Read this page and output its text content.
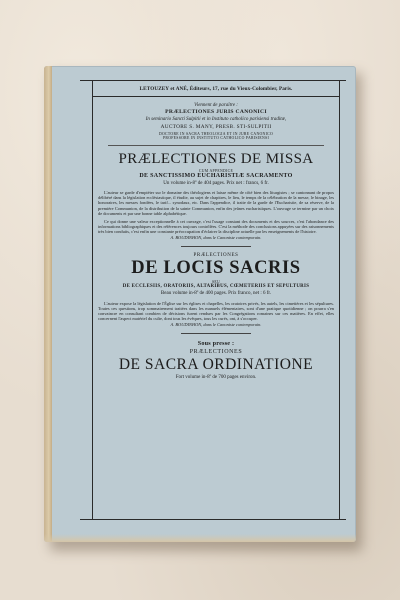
LETOUZEY et ANÉ, Éditeurs, 17, rue du Vieux-Colombier, Paris.
Viennent de paraître :
PRÆLECTIONES JURIS CANONICI
In seminario Sancti Sulpitii et in Instituto catholico parisiensi traditæ,
AUCTORE S. MANY, PRESB. STI-SULPITII
DOCTORE IN SACRA THEOLOGIA ET IN JURE CANONICO
PROFESSORE IN INSTITUTO CATHOLICO PARISIENSI
PRÆLECTIONES DE MISSA
CUM APPENDICE
DE SANCTISSIMO EUCHARISTIÆ SACRAMENTO
Un volume in-8º de 404 pages. Prix net : francs, 6 fr.

L'auteur se garde d'empiéter sur le domaine des théologiens et laisse même de côté bien des liturgistes ; se cantonnant de propos délibéré dans la législation ecclésiastique, il étudie, au sujet de chapitres, le lieu, le temps de la célébration de la messe, le binage, les honoraires, les messes fondées, le tarif... synodaux, etc. Dans l'appendice, il traite de la garde de l'Eucharistie, de sa réserve, de la première Communion, de la distribution de la sainte Communion, enfin des jeûnes eucharistiques. L'ouvrage se termine par un choix de documents et par une bonne table alphabétique.

Ce qui donne une valeur exceptionnelle à cet ouvrage, c'est l'usage constant des documents et des sources, c'est l'abondance des informations bibliographiques et des références toujours contrôlées. C'est la méthode des conclusions appuyées sur des raisonnements très bien conduits, c'est enfin une constante préoccupation d'éclairer la discipline actuelle par les enseignements de l'histoire.

A. BOUDINHON, dans le Canoniste contemporain.
PRÆLECTIONES
DE LOCIS SACRIS
SEU
DE ECCLESIIS, ORATORIIS, ALTARIBUS, CŒMETERIIS ET SEPULTURIS
Beau volume in-8º de 400 pages. Prix franco, net : 6 fr.

L'auteur expose la législation de l'Église sur les églises et chapelles, les oratoires privés, les autels, les cimetières et les sépultures. Toutes ces questions, trop sommairement traitées dans les manuels élémentaires, sont d'une pratique quotidienne ; on pourra s'en convaincre en consultant combien de décisions furent rendues par les Congrégations romaines sur ces matières. En effet, elles concernent l'aspect matériel du culte, dont tous les évêques, tous les curés, ont, à s'occuper.

A. BOUDINHON, dans le Canoniste contemporain.
Sous presse :
PRÆLECTIONES
DE SACRA ORDINATIONE
Fort volume in-8º de 700 pages environ.
